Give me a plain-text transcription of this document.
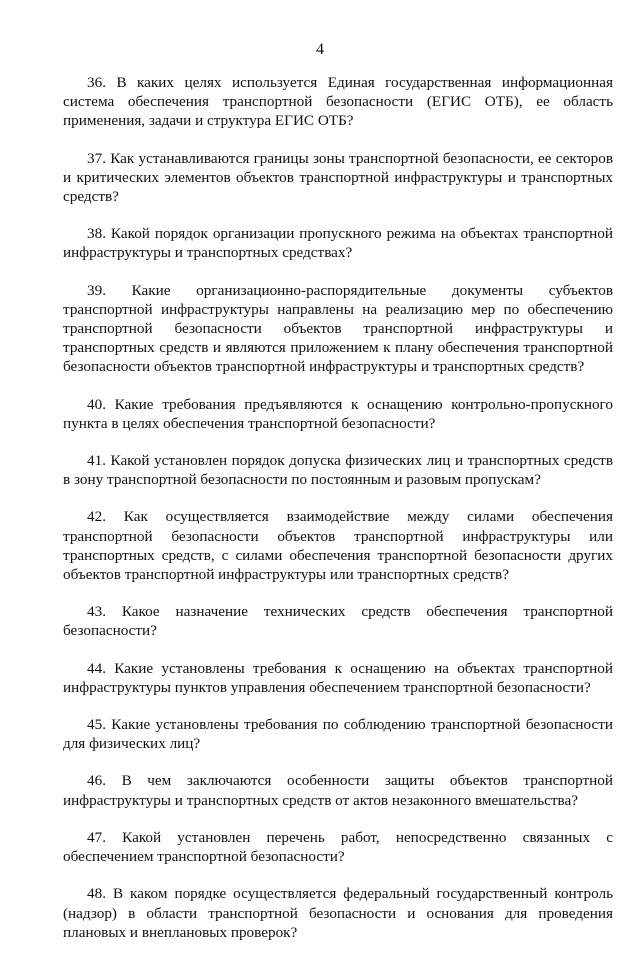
4

36. В каких целях используется Единая государственная информационная система обеспечения транспортной безопасности (ЕГИС ОТБ), ее область применения, задачи и структура ЕГИС ОТБ?

37. Как устанавливаются границы зоны транспортной безопасности, ее секторов и критических элементов объектов транспортной инфраструктуры и транспортных средств?

38. Какой порядок организации пропускного режима на объектах транспортной инфраструктуры и транспортных средствах?

39. Какие организационно-распорядительные документы субъектов транспортной инфраструктуры направлены на реализацию мер по обеспечению транспортной безопасности объектов транспортной инфраструктуры и транспортных средств и являются приложением к плану обеспечения транспортной безопасности объектов транспортной инфраструктуры и транспортных средств?

40. Какие требования предъявляются к оснащению контрольно-пропускного пункта в целях обеспечения транспортной безопасности?

41. Какой установлен порядок допуска физических лиц и транспортных средств в зону транспортной безопасности по постоянным и разовым пропускам?

42. Как осуществляется взаимодействие между силами обеспечения транспортной безопасности объектов транспортной инфраструктуры или транспортных средств, с силами обеспечения транспортной безопасности других объектов транспортной инфраструктуры или транспортных средств?

43. Какое назначение технических средств обеспечения транспортной безопасности?

44. Какие установлены требования к оснащению на объектах транспортной инфраструктуры пунктов управления обеспечением транспортной безопасности?

45. Какие установлены требования по соблюдению транспортной безопасности для физических лиц?

46. В чем заключаются особенности защиты объектов транспортной инфраструктуры и транспортных средств от актов незаконного вмешательства?

47. Какой установлен перечень работ, непосредственно связанных с обеспечением транспортной безопасности?

48. В каком порядке осуществляется федеральный государственный контроль (надзор) в области транспортной безопасности и основания для проведения плановых и внеплановых проверок?
